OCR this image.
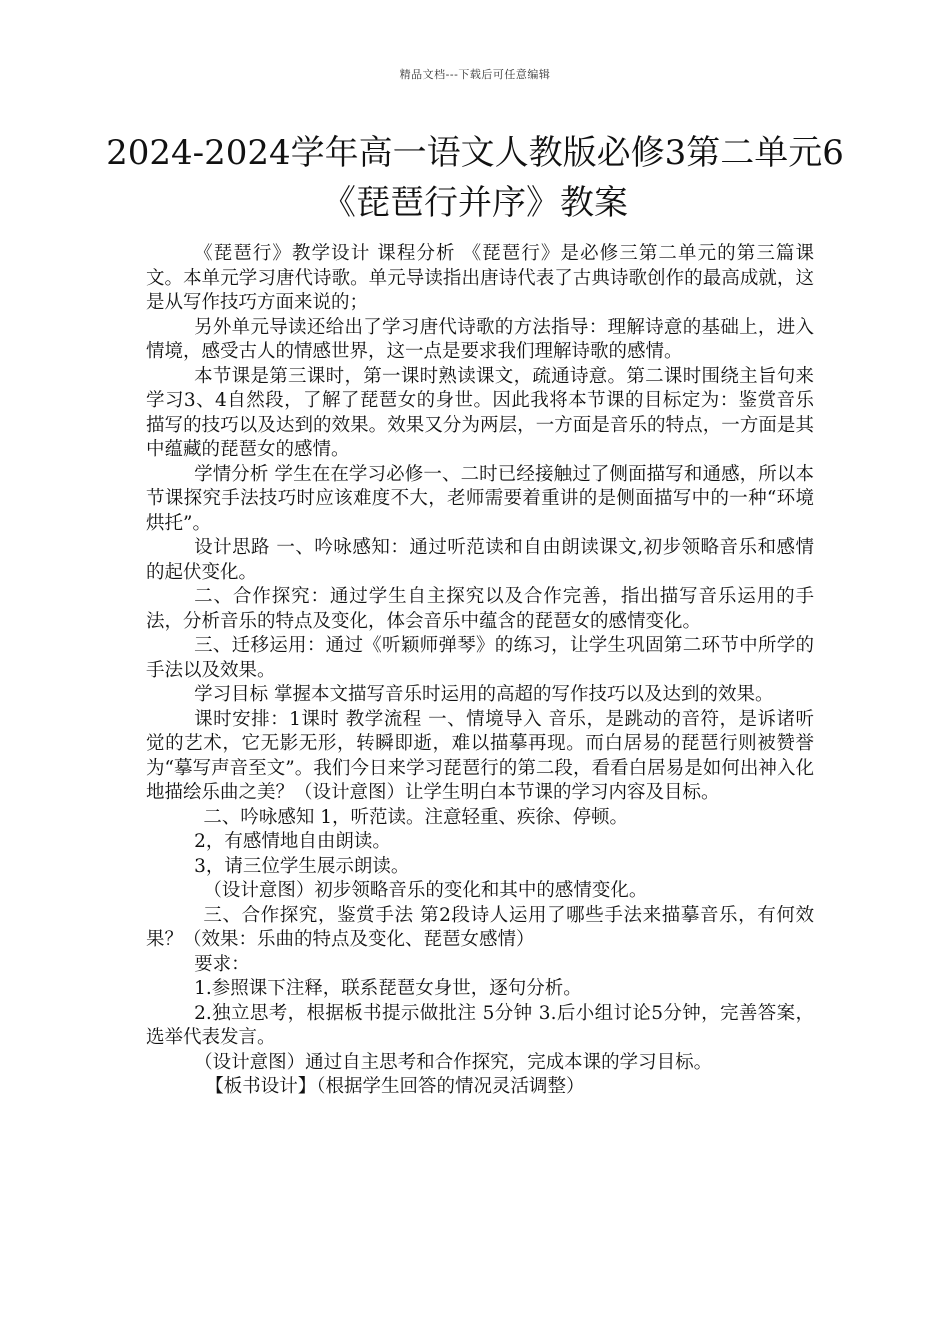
精品文档---下载后可任意编辑
2024-2024学年高一语文人教版必修3第二单元6《琵琶行并序》教案

《琵琶行》教学设计 课程分析 《琵琶行》是必修三第二单元的第三篇课文。本单元学习唐代诗歌。单元导读指出唐诗代表了古典诗歌创作的最高成就，这是从写作技巧方面来说的；

另外单元导读还给出了学习唐代诗歌的方法指导：理解诗意的基础上，进入情境，感受古人的情感世界，这一点是要求我们理解诗歌的感情。

本节课是第三课时，第一课时熟读课文，疏通诗意。第二课时围绕主旨句来学习3、4自然段，了解了琵琶女的身世。因此我将本节课的目标定为：鉴赏音乐描写的技巧以及达到的效果。效果又分为两层，一方面是音乐的特点，一方面是其中蕴藏的琵琶女的感情。

学情分析 学生在在学习必修一、二时已经接触过了侧面描写和通感，所以本节课探究手法技巧时应该难度不大，老师需要着重讲的是侧面描写中的一种“环境烘托”。

设计思路 一、吟咏感知：通过听范读和自由朗读课文,初步领略音乐和感情的起伏变化。

二、合作探究：通过学生自主探究以及合作完善，指出描写音乐运用的手法，分析音乐的特点及变化，体会音乐中蕴含的琵琶女的感情变化。

三、迁移运用：通过《听颖师弹琴》的练习，让学生巩固第二环节中所学的手法以及效果。

学习目标 掌握本文描写音乐时运用的高超的写作技巧以及达到的效果。

课时安排：1课时 教学流程 一、情境导入 音乐，是跳动的音符，是诉诸听觉的艺术，它无影无形，转瞬即逝，难以描摹再现。而白居易的琵琶行则被赞誉为“摹写声音至文”。我们今日来学习琵琶行的第二段，看看白居易是如何出神入化地描绘乐曲之美？（设计意图）让学生明白本节课的学习内容及目标。

二、吟咏感知 1，听范读。注意轻重、疾徐、停顿。

2，有感情地自由朗读。

3，请三位学生展示朗读。

（设计意图）初步领略音乐的变化和其中的感情变化。

三、合作探究，鉴赏手法 第2段诗人运用了哪些手法来描摹音乐，有何效果？（效果：乐曲的特点及变化、琵琶女感情）

要求：

1.参照课下注释，联系琵琶女身世，逐句分析。

2.独立思考，根据板书提示做批注 5分钟 3.后小组讨论5分钟，完善答案，选举代表发言。

（设计意图）通过自主思考和合作探究，完成本课的学习目标。

【板书设计】（根据学生回答的情况灵活调整）
